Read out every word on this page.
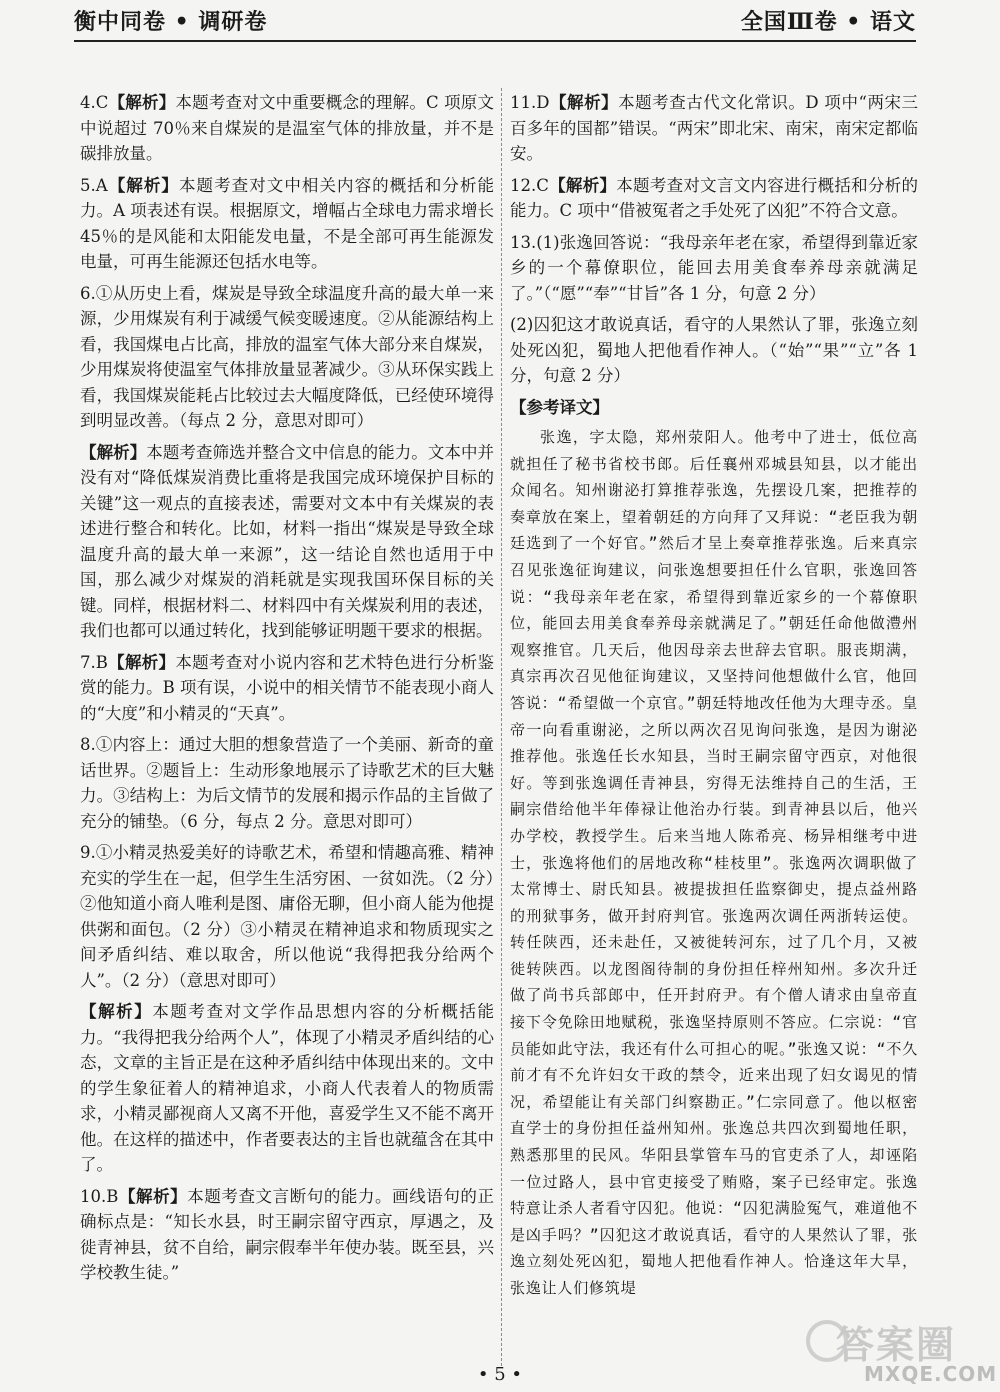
衡中同卷 • 调研卷	全国Ⅲ卷 • 语文

4.C【解析】本题考查对文中重要概念的理解。C 项原文中说超过 70％来自煤炭的是温室气体的排放量，并不是碳排放量。

5.A【解析】本题考查对文中相关内容的概括和分析能力。A 项表述有误。根据原文，增幅占全球电力需求增长 45％的是风能和太阳能发电量，不是全部可再生能源发电量，可再生能源还包括水电等。

6.①从历史上看，煤炭是导致全球温度升高的最大单一来源，少用煤炭有利于减缓气候变暖速度。②从能源结构上看，我国煤电占比高，排放的温室气体大部分来自煤炭，少用煤炭将使温室气体排放量显著减少。③从环保实践上看，我国煤炭能耗占比较过去大幅度降低，已经使环境得到明显改善。（每点 2 分，意思对即可）

【解析】本题考查筛选并整合文中信息的能力。文本中并没有对“降低煤炭消费比重将是我国完成环境保护目标的关键”这一观点的直接表述，需要对文本中有关煤炭的表述进行整合和转化。比如，材料一指出“煤炭是导致全球温度升高的最大单一来源”，这一结论自然也适用于中国，那么减少对煤炭的消耗就是实现我国环保目标的关键。同样，根据材料二、材料四中有关煤炭利用的表述，我们也都可以通过转化，找到能够证明题干要求的根据。

7.B【解析】本题考查对小说内容和艺术特色进行分析鉴赏的能力。B 项有误，小说中的相关情节不能表现小商人的“大度”和小精灵的“天真”。

8.①内容上：通过大胆的想象营造了一个美丽、新奇的童话世界。②题旨上：生动形象地展示了诗歌艺术的巨大魅力。③结构上：为后文情节的发展和揭示作品的主旨做了充分的铺垫。（6 分，每点 2 分。意思对即可）

9.①小精灵热爱美好的诗歌艺术，希望和情趣高雅、精神充实的学生在一起，但学生生活穷困、一贫如洗。（2 分）②他知道小商人唯利是图、庸俗无聊，但小商人能为他提供粥和面包。（2 分）③小精灵在精神追求和物质现实之间矛盾纠结、难以取舍，所以他说“我得把我分给两个人”。（2 分）（意思对即可）

【解析】本题考查对文学作品思想内容的分析概括能力。“我得把我分给两个人”，体现了小精灵矛盾纠结的心态，文章的主旨正是在这种矛盾纠结中体现出来的。文中的学生象征着人的精神追求，小商人代表着人的物质需求，小精灵鄙视商人又离不开他，喜爱学生又不能不离开他。在这样的描述中，作者要表达的主旨也就蕴含在其中了。

10.B【解析】本题考查文言断句的能力。画线语句的正确标点是：“知长水县，时王嗣宗留守西京，厚遇之，及徙青神县，贫不自给，嗣宗假奉半年使办装。既至县，兴学校教生徒。”

11.D【解析】本题考查古代文化常识。D 项中“两宋三百多年的国都”错误。“两宋”即北宋、南宋，南宋定都临安。

12.C【解析】本题考查对文言文内容进行概括和分析的能力。C 项中“借被冤者之手处死了凶犯”不符合文意。

13.(1)张逸回答说：“我母亲年老在家，希望得到靠近家乡的一个幕僚职位，能回去用美食奉养母亲就满足了。”（“愿”“奉”“甘旨”各 1 分，句意 2 分）

(2)囚犯这才敢说真话，看守的人果然认了罪，张逸立刻处死凶犯，蜀地人把他看作神人。（“始”“果”“立”各 1 分，句意 2 分）

【参考译文】

张逸，字太隐，郑州荥阳人。他考中了进士，低位高就担任了秘书省校书郎。后任襄州邓城县知县，以才能出众闻名。知州谢泌打算推荐张逸，先摆设几案，把推荐的奏章放在案上，望着朝廷的方向拜了又拜说：“老臣我为朝廷选到了一个好官。”然后才呈上奏章推荐张逸。后来真宗召见张逸征询建议，问张逸想要担任什么官职，张逸回答说：“我母亲年老在家，希望得到靠近家乡的一个幕僚职位，能回去用美食奉养母亲就满足了。”朝廷任命他做澧州观察推官。几天后，他因母亲去世辞去官职。服丧期满，真宗再次召见他征询建议，又坚持问他想做什么官，他回答说：“希望做一个京官。”朝廷特地改任他为大理寺丞。皇帝一向看重谢泌，之所以两次召见询问张逸，是因为谢泌推荐他。张逸任长水知县，当时王嗣宗留守西京，对他很好。等到张逸调任青神县，穷得无法维持自己的生活，王嗣宗借给他半年俸禄让他治办行装。到青神县以后，他兴办学校，教授学生。后来当地人陈希亮、杨异相继考中进士，张逸将他们的居地改称“桂枝里”。张逸两次调职做了太常博士、尉氏知县。被提拔担任监察御史，提点益州路的刑狱事务，做开封府判官。张逸两次调任两浙转运使。转任陕西，还未赴任，又被徙转河东，过了几个月，又被徙转陕西。以龙图阁待制的身份担任梓州知州。多次升迁做了尚书兵部郎中，任开封府尹。有个僧人请求由皇帝直接下令免除田地赋税，张逸坚持原则不答应。仁宗说：“官员能如此守法，我还有什么可担心的呢。”张逸又说：“不久前才有不允许妇女干政的禁令，近来出现了妇女谒见的情况，希望能让有关部门纠察勘正。”仁宗同意了。他以枢密直学士的身份担任益州知州。张逸总共四次到蜀地任职，熟悉那里的民风。华阳县掌管车马的官吏杀了人，却诬陷一位过路人，县中官吏接受了贿赂，案子已经审定。张逸特意让杀人者看守囚犯。他说：“囚犯满脸冤气，难道他不是凶手吗？”囚犯这才敢说真话，看守的人果然认了罪，张逸立刻处死凶犯，蜀地人把他看作神人。恰逢这年大旱，张逸让人们修筑堤

• 5 •
答案圈
MXQE.COM
